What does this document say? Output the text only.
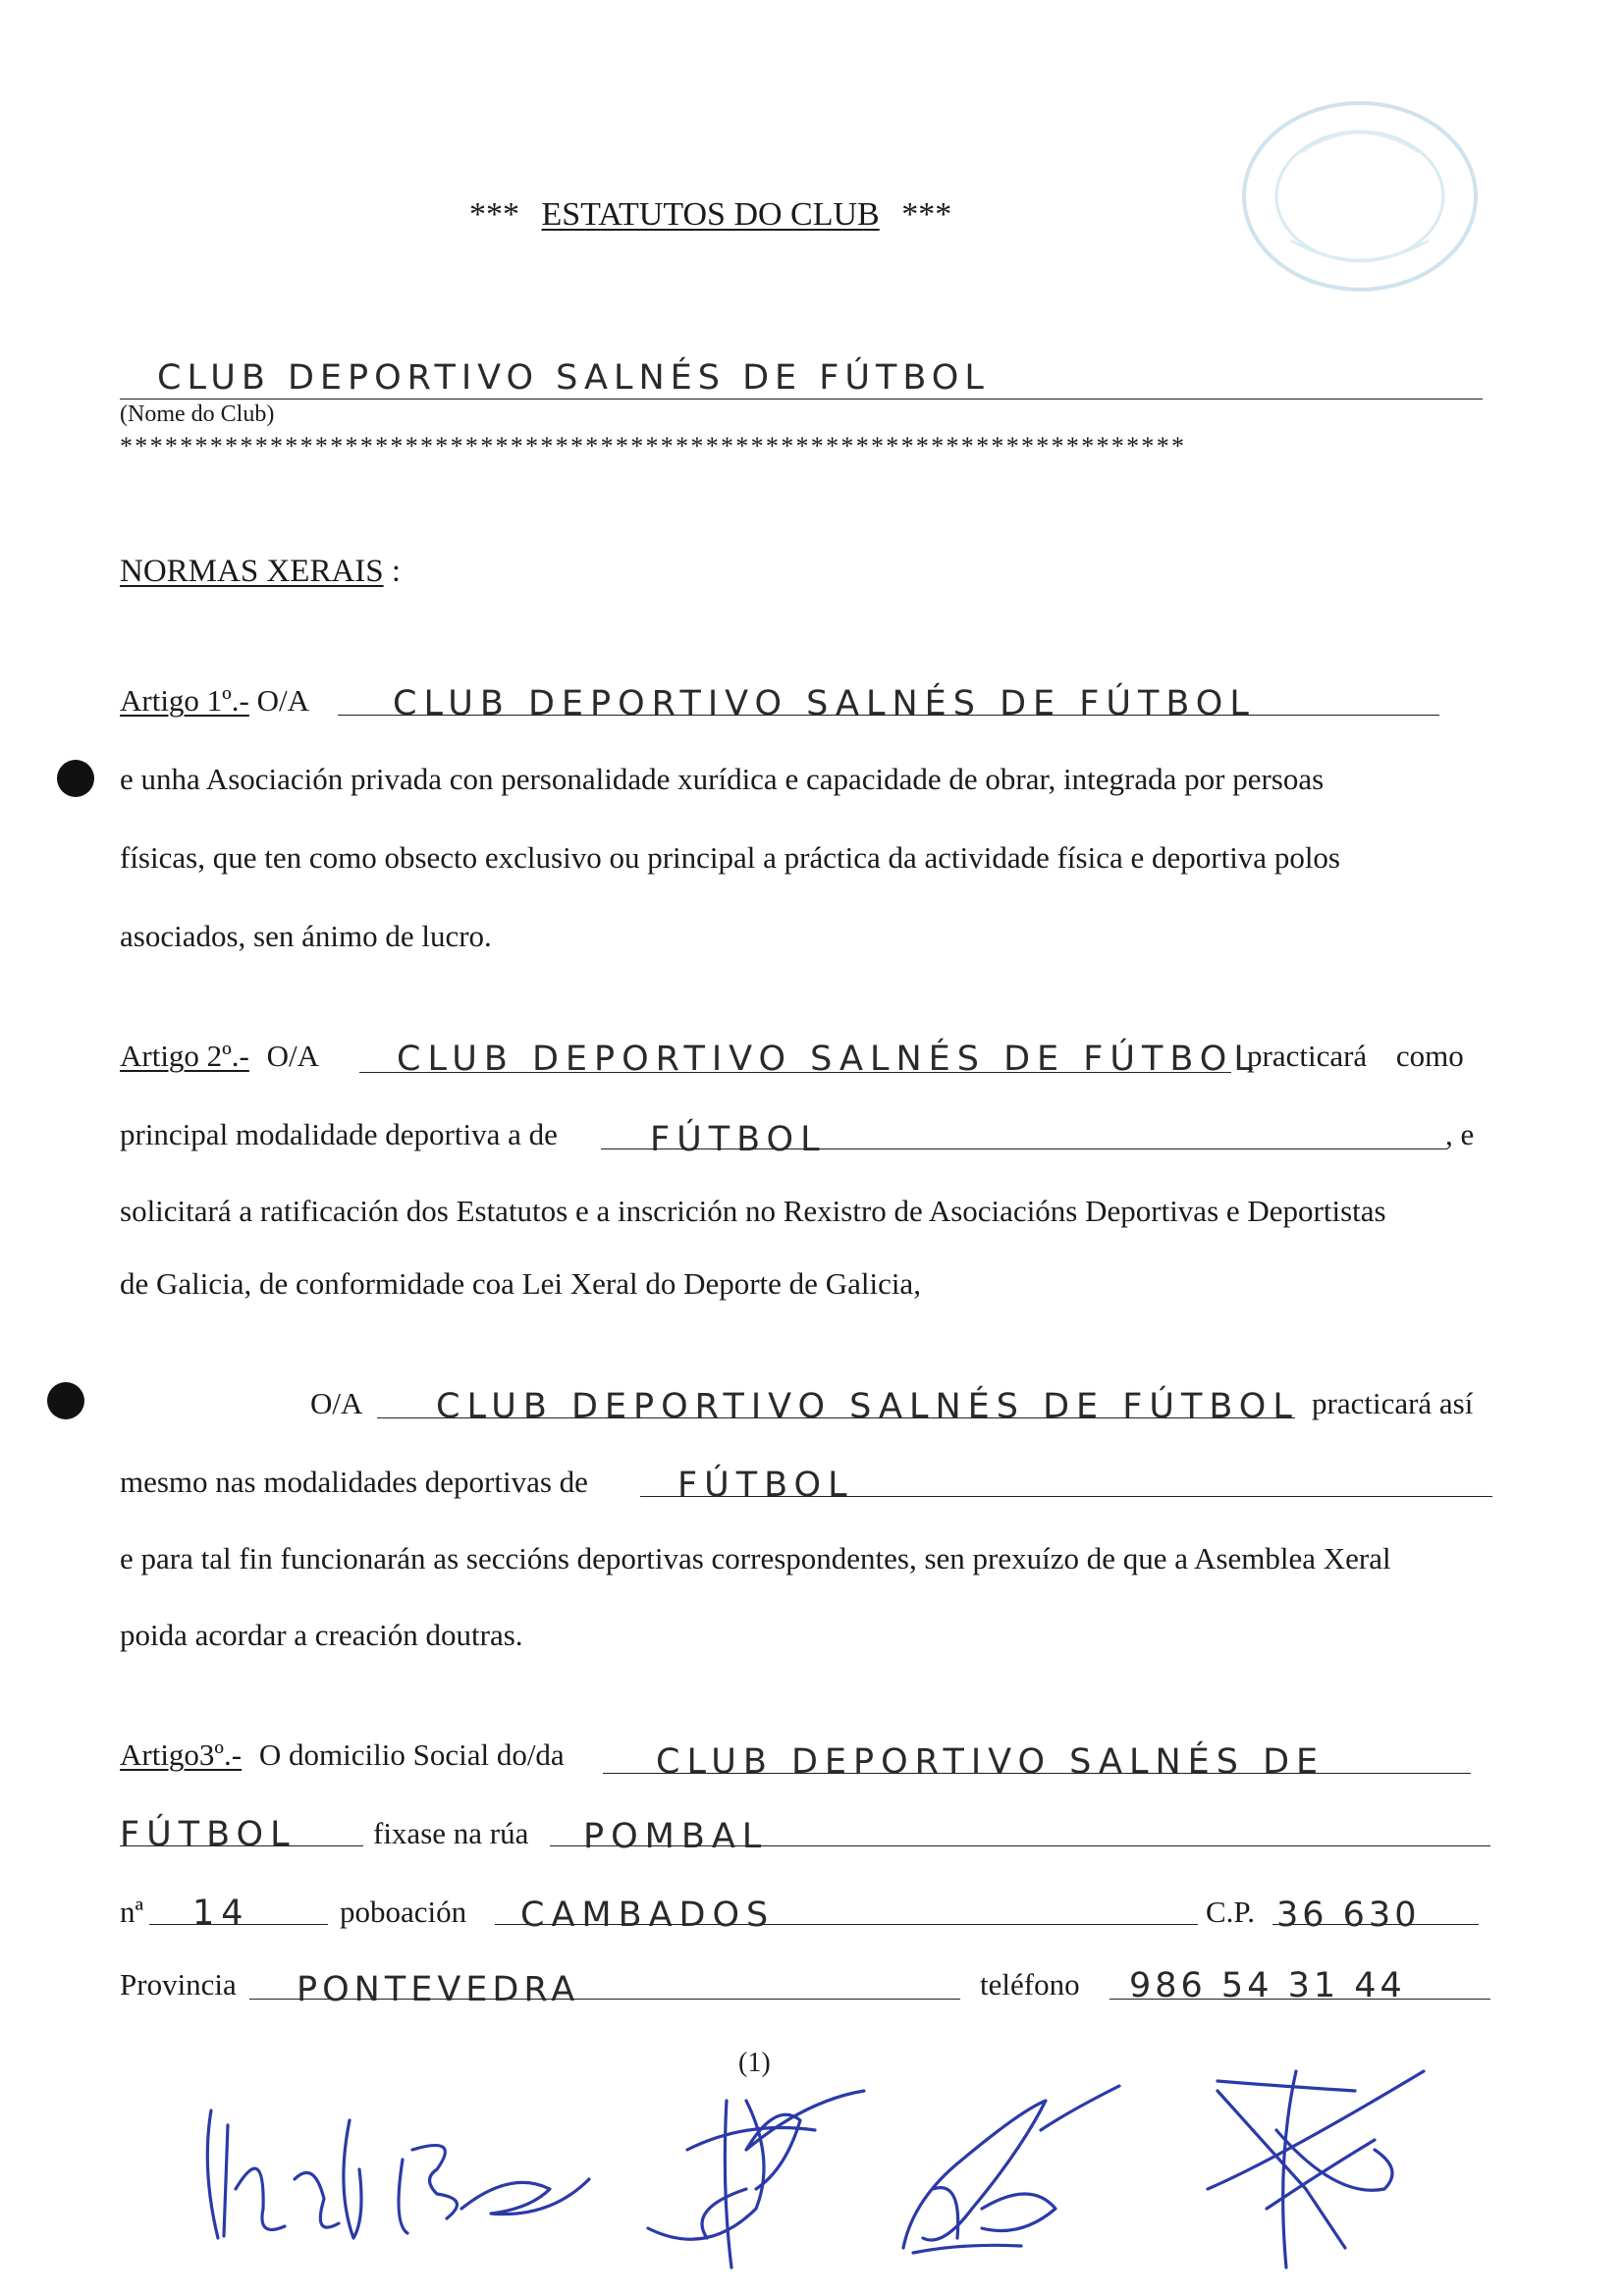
*** ESTATUTOS DO CLUB ***
CLUB DEPORTIVO SALNÉS DE FÚTBOL
(Nome do Club)
***********************************************************************
NORMAS XERAIS :
Artigo 1º.- O/A CLUB DEPORTIVO SALNÉS DE FÚTBOL
e unha Asociación privada con personalidade xurídica e capacidade de obrar, integrada por persoas
físicas, que ten como obsecto exclusivo ou principal a práctica da actividade física e deportiva polos
asociados, sen ánimo de lucro.
Artigo 2º.- O/A CLUB DEPORTIVO SALNÉS DE FÚTBOL
practicará como
principal modalidade deportiva a de	FÚTBOL	, e
solicitará a ratificación dos Estatutos e a inscrición no Rexistro de Asociacións Deportivas e Deportistas
de Galicia, de conformidade coa Lei Xeral do Deporte de Galicia,
O/A CLUB DEPORTIVO SALNÉS DE FÚTBOL practicará así
mesmo nas modalidades deportivas de	FÚTBOL
e para tal fin funcionarán as seccións deportivas correspondentes, sen prexuízo de que a Asemblea Xeral
poida acordar a creación doutras.
Artigo3º.- O domicilio Social do/da	CLUB DEPORTIVO SALNÉS DE
FÚTBOL	fixase na rúa POMBAL
nª 14	poboación CAMBADOS	C.P. 36 630
Provincia PONTEVEDRA	teléfono 986 54 31 44
(1)
